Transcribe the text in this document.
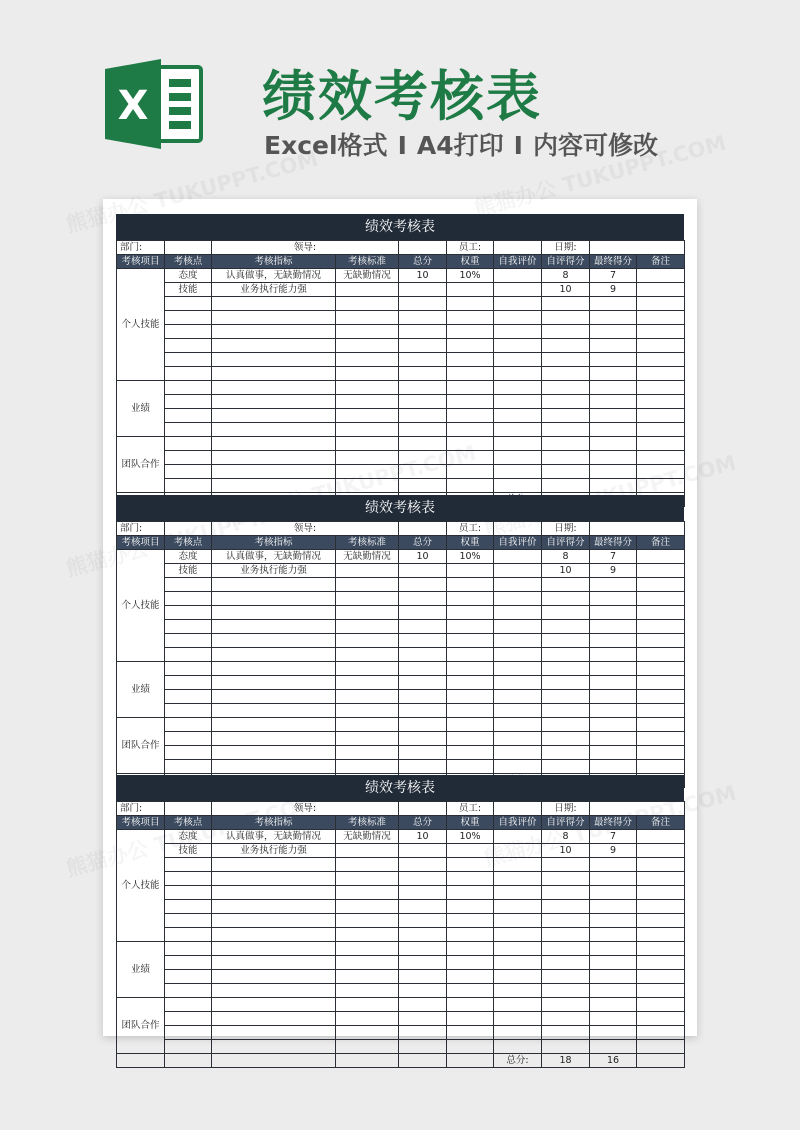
X 绩效考核表

Excel格式 I A4打印 I 内容可修改

绩效考核表
部门:		领导:			员工:		日期:		
考核项目	考核点	考核指标	考核标准	总分	权重	自我评价	自评得分	最终得分	备注
个人技能	态度	认真做事，无缺勤情况	无缺勤情况	10	10%		8	7	
	技能	业务执行能力强					10	9	

业绩									

团队合作									

绩效考核表
部门:		领导:			员工:		日期:		
考核项目	考核点	考核指标	考核标准	总分	权重	自我评价	自评得分	最终得分	备注
个人技能	态度	认真做事，无缺勤情况	无缺勤情况	10	10%		8	7	
	技能	业务执行能力强					10	9	

业绩									

团队合作									

绩效考核表
部门:		领导:			员工:		日期:		
考核项目	考核点	考核指标	考核标准	总分	权重	自我评价	自评得分	最终得分	备注
个人技能	态度	认真做事，无缺勤情况	无缺勤情况	10	10%		8	7	
	技能	业务执行能力强					10	9	

业绩									

团队合作									

						总分:	18	16	
